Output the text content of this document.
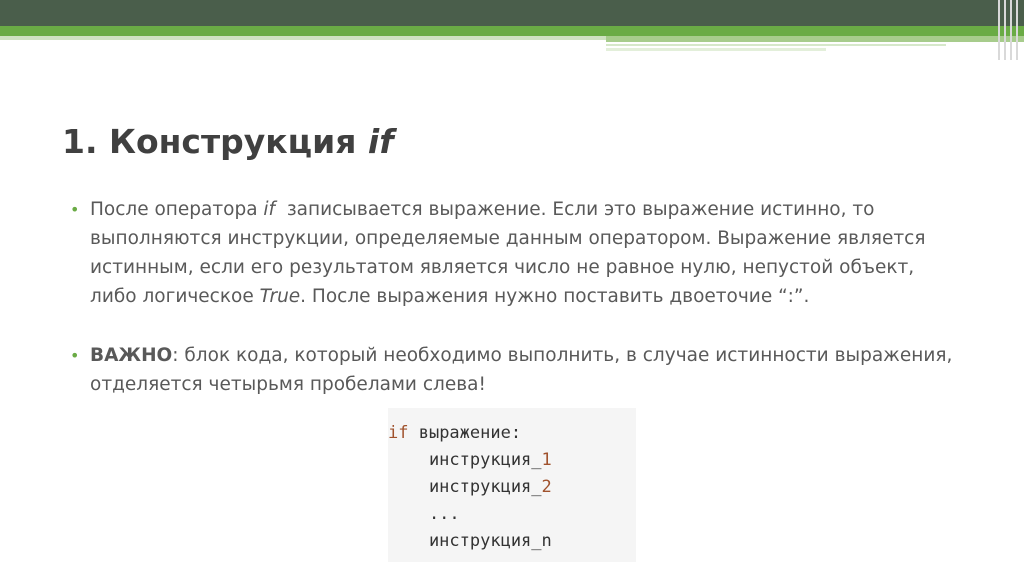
1. Конструкция if
• После оператора if  записывается выражение. Если это выражение истинно, то
выполняются инструкции, определяемые данным оператором. Выражение является
истинным, если его результатом является число не равное нулю, непустой объект,
либо логическое True. После выражения нужно поставить двоеточие “:”.
• ВАЖНО: блок кода, который необходимо выполнить, в случае истинности выражения,
отделяется четырьмя пробелами слева!
if выражение:
инструкция_1
инструкция_2
...
инструкция_n
